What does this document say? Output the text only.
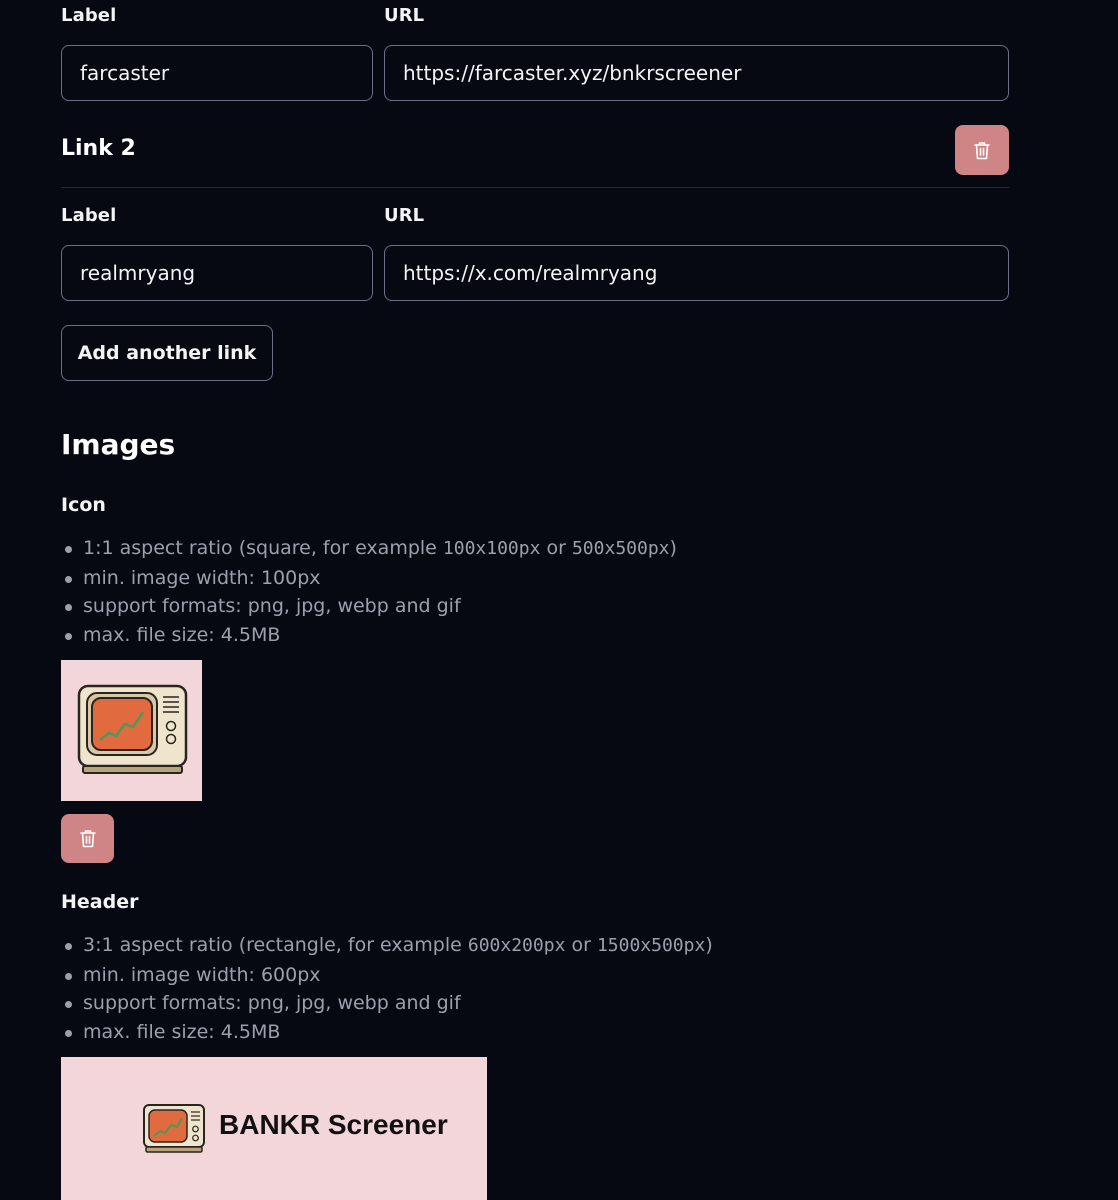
Label	URL
farcaster	https://farcaster.xyz/bnkrscreener
Link 2
Label	URL
realmryang	https://x.com/realmryang
Add another link
Images
Icon
1:1 aspect ratio (square, for example 100x100px or 500x500px)
min. image width: 100px
support formats: png, jpg, webp and gif
max. file size: 4.5MB
Header
3:1 aspect ratio (rectangle, for example 600x200px or 1500x500px)
min. image width: 600px
support formats: png, jpg, webp and gif
max. file size: 4.5MB
BANKR Screener
